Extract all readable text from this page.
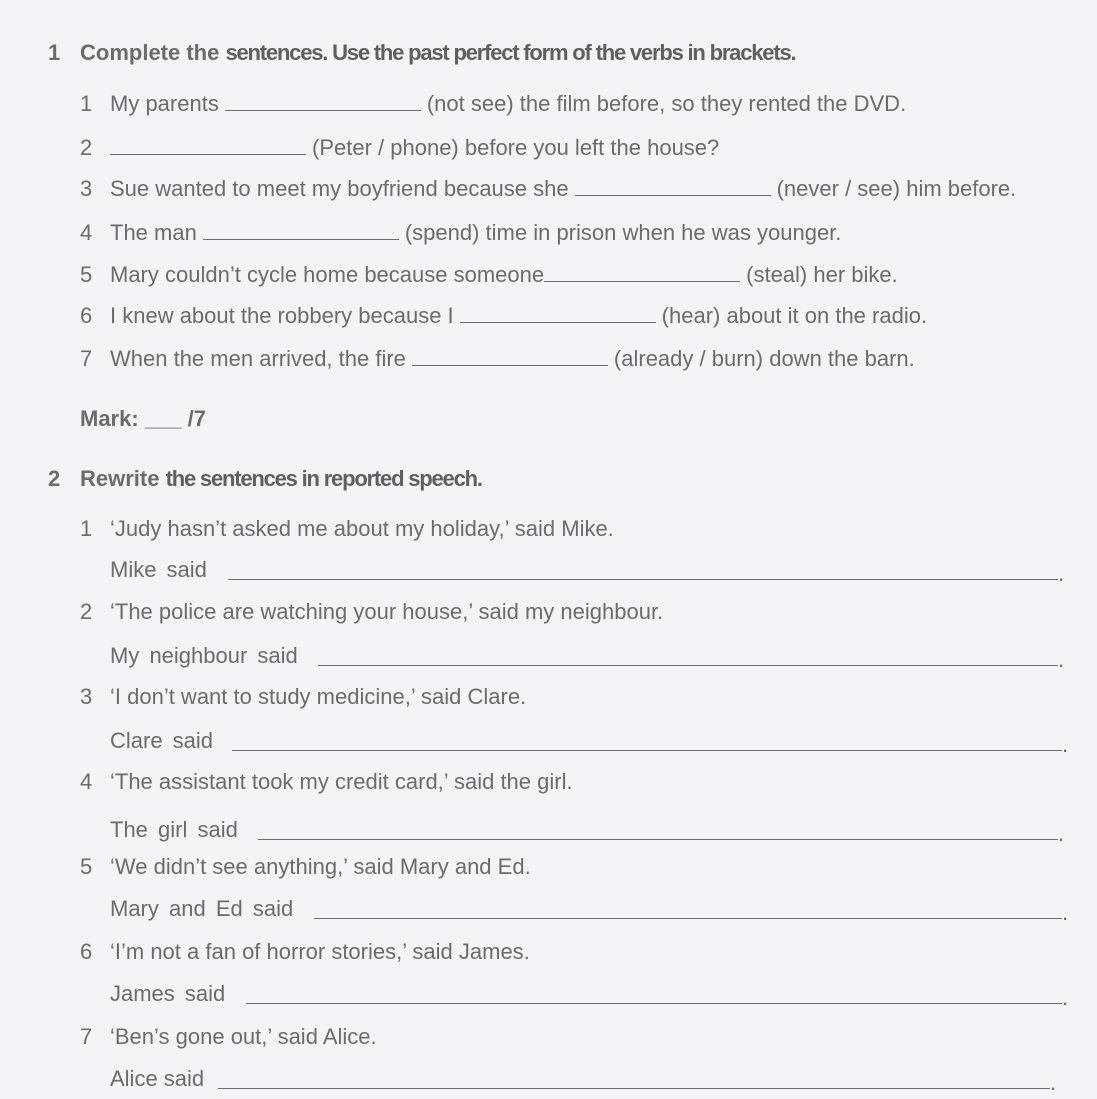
1 Complete the sentences. Use the past perfect form of the verbs in brackets.
1 My parents	(not see) the film before, so they rented the DVD.
2	(Peter / phone) before you left the house?
3 Sue wanted to meet my boyfriend because she	(never / see) him before.
4 The man	(spend) time in prison when he was younger.
5 Mary couldn’t cycle home because someone	(steal) her bike.
6 I knew about the robbery because I	(hear) about it on the radio.
7 When the men arrived, the fire	(already / burn) down the barn.
Mark: ___ /7
2 Rewrite the sentences in reported speech.
1 ‘Judy hasn’t asked me about my holiday,’ said Mike.
Mike said	.
2 ‘The police are watching your house,’ said my neighbour.
My neighbour said	.
3 ‘I don’t want to study medicine,’ said Clare.
Clare said	.
4 ‘The assistant took my credit card,’ said the girl.
The girl said	.
5 ‘We didn’t see anything,’ said Mary and Ed.
Mary and Ed said	.
6 ‘I’m not a fan of horror stories,’ said James.
James said	.
7 ‘Ben’s gone out,’ said Alice.
Alice said	.
